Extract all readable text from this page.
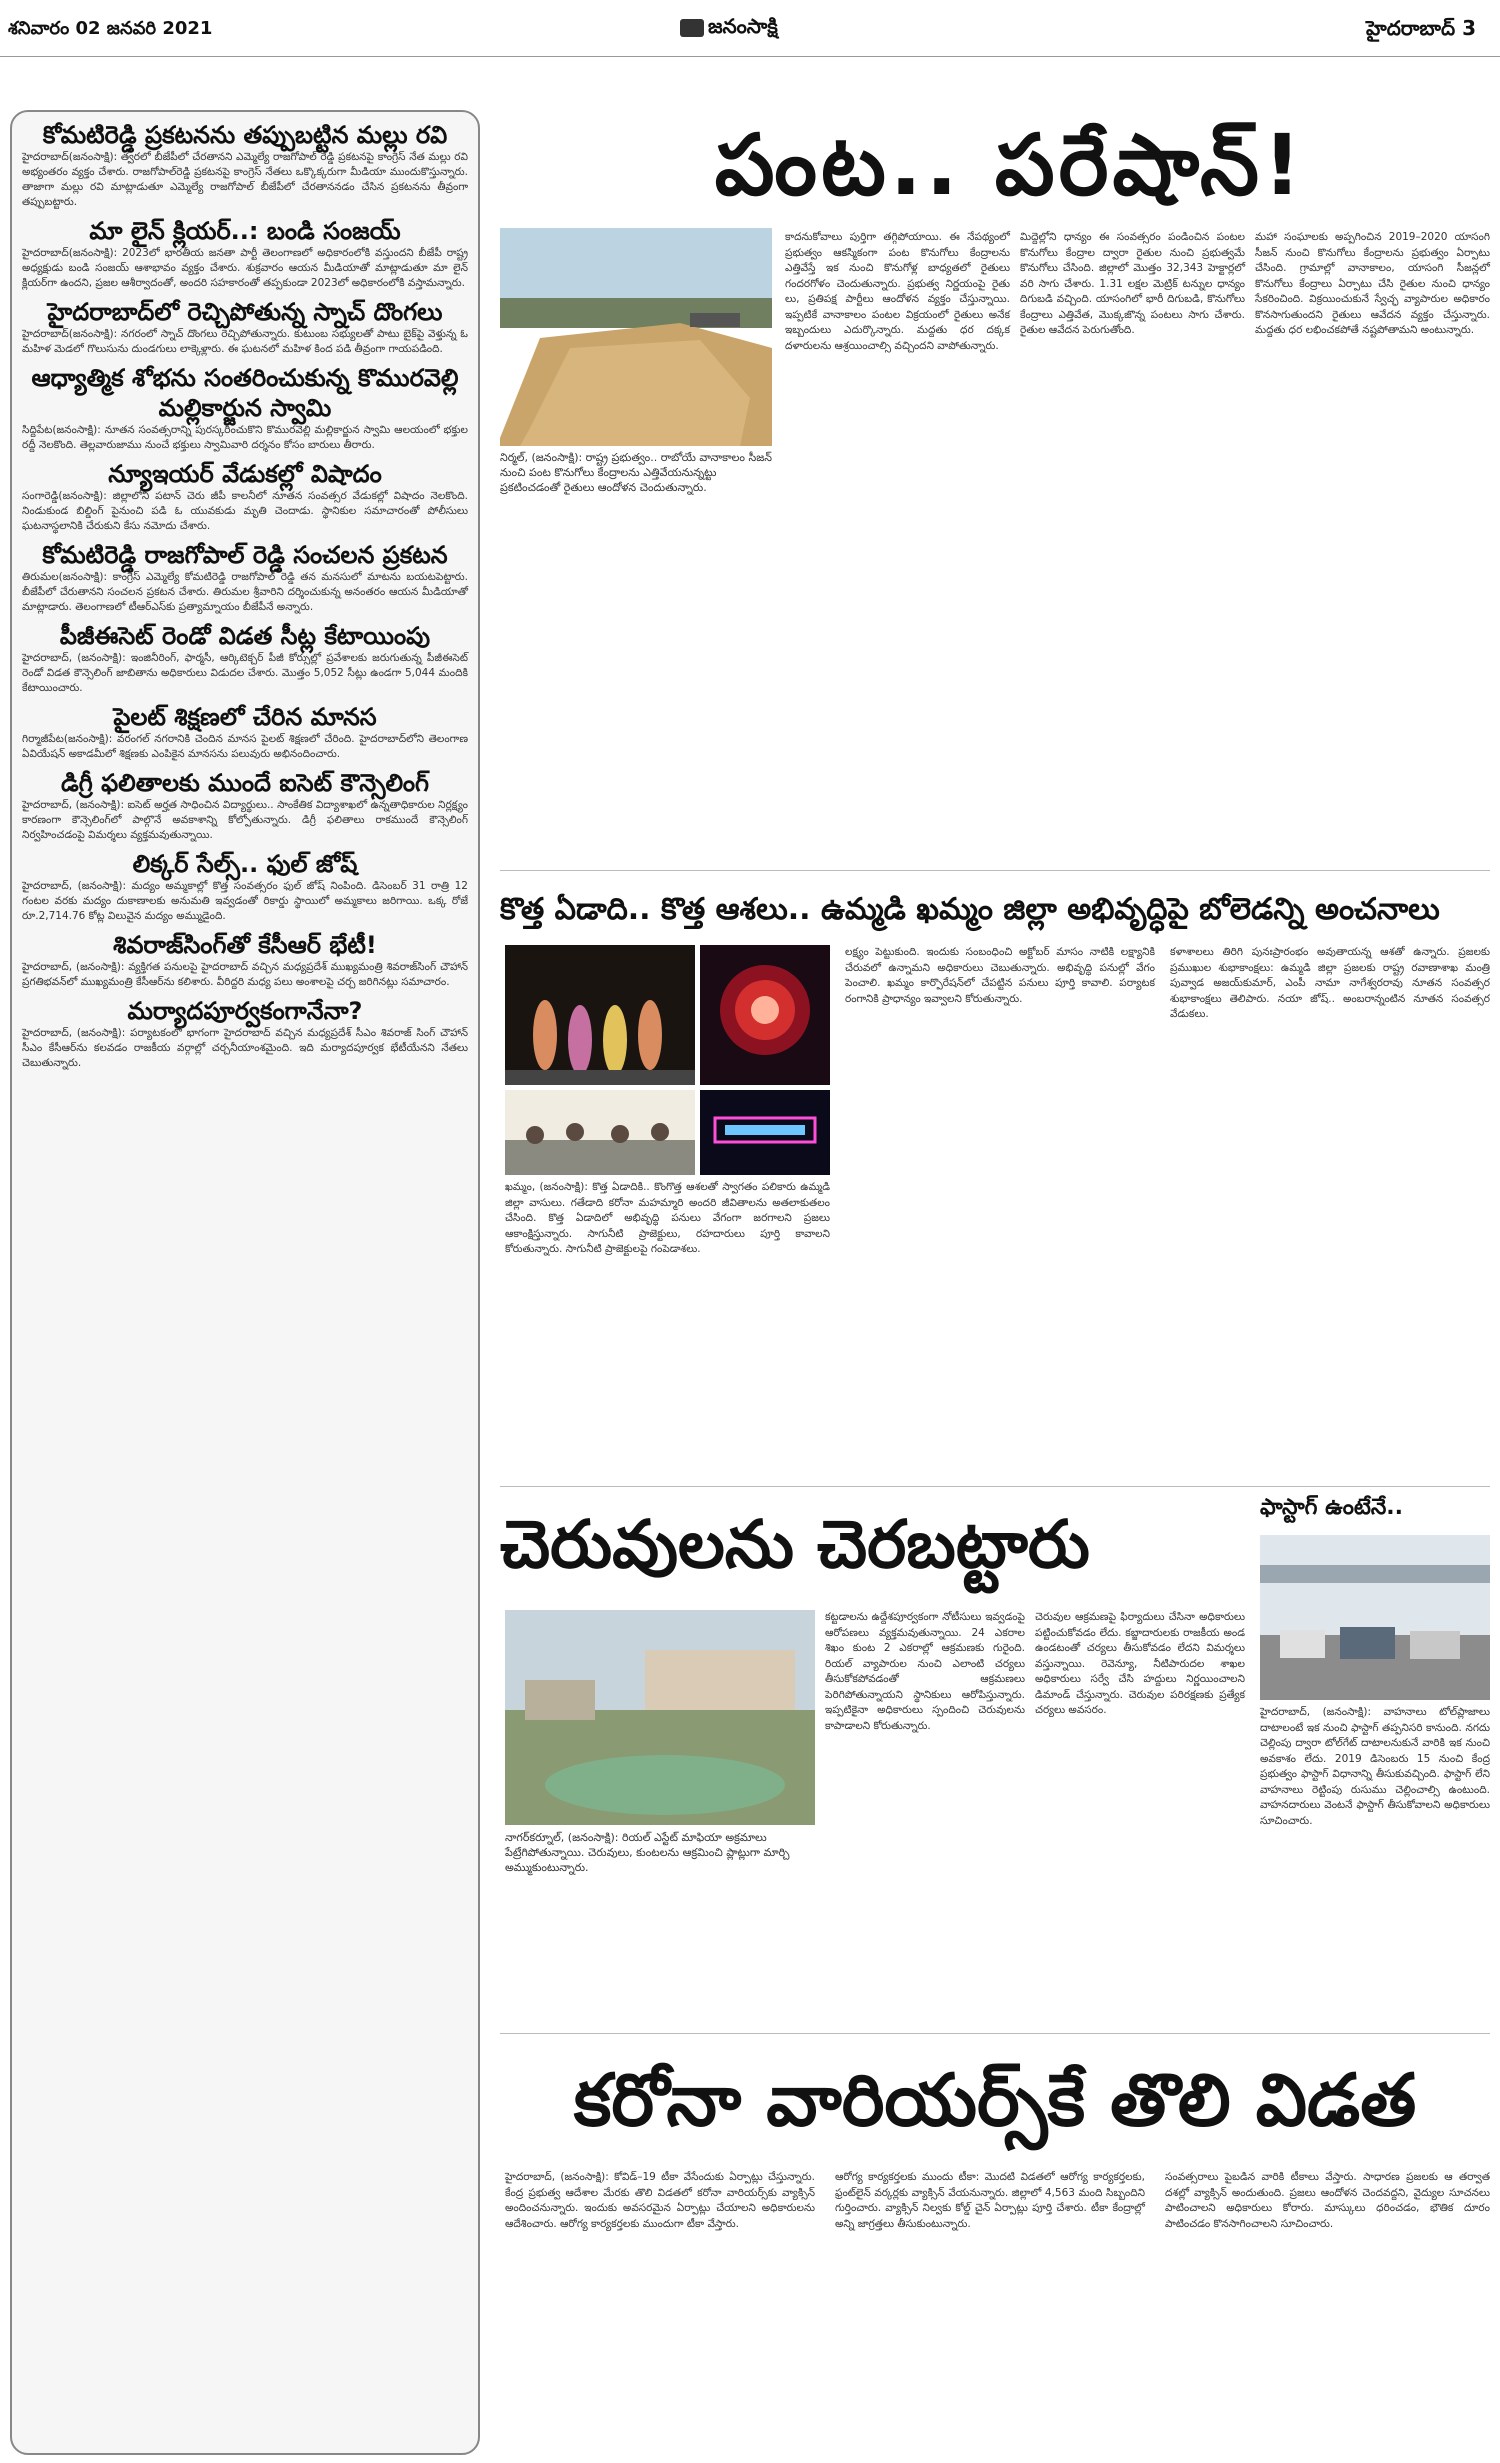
శనివారం 02 జనవరి 2021	జనంసాక్షి	హైదరాబాద్ 3
కోమటిరెడ్డి ప్రకటనను తప్పుబట్టిన మల్లు రవి
హైదరాబాద్(జనంసాక్షి): త్వరలో బీజేపీలో చేరతానని ఎమ్మెల్యే రాజగోపాల్ రెడ్డి ప్రకటనపై కాంగ్రెస్ నేత మల్లు రవి అభ్యంతరం వ్యక్తం చేశారు. రాజగోపాల్‌రెడ్డి ప్రకటనపై కాంగ్రెస్ నేతలు ఒక్కొక్కరుగా మీడియా ముందుకొస్తున్నారు. తాజాగా మల్లు రవి మాట్లాడుతూ ఎమ్మెల్యే రాజగోపాల్ బీజేపీలో చేరతాననడం చేసిన ప్రకటనను తీవ్రంగా తప్పుబట్టారు.
మా లైన్ క్లియర్..: బండి సంజయ్
హైదరాబాద్(జనంసాక్షి): 2023లో భారతీయ జనతా పార్టీ తెలంగాణలో అధికారంలోకి వస్తుందని బీజేపీ రాష్ట్ర అధ్యక్షుడు బండి సంజయ్ ఆశాభావం వ్యక్తం చేశారు. శుక్రవారం ఆయన మీడియాతో మాట్లాడుతూ మా లైన్ క్లియర్‌గా ఉందని, ప్రజల ఆశీర్వాదంతో, అందరి సహకారంతో తప్పకుండా 2023లో అధికారంలోకి వస్తామన్నారు.
హైదరాబాద్‌లో రెచ్చిపోతున్న స్నాచ్ దొంగలు
హైదరాబాద్(జనంసాక్షి): నగరంలో స్నాచ్ దొంగలు రెచ్చిపోతున్నారు. కుటుంబ సభ్యులతో పాటు బైక్‌పై వెళ్తున్న ఓ మహిళ మెడలో గొలుసును దుండగులు లాక్కెళ్లారు. ఈ ఘటనలో మహిళ కింద పడి తీవ్రంగా గాయపడింది.
ఆధ్యాత్మిక శోభను సంతరించుకున్న కొమురవెల్లి మల్లికార్జున స్వామి
సిద్దిపేట(జనంసాక్షి): నూతన సంవత్సరాన్ని పురస్కరించుకొని కొమురవెల్లి మల్లికార్జున స్వామి ఆలయంలో భక్తుల రద్దీ నెలకొంది. తెల్లవారుజాము నుంచే భక్తులు స్వామివారి దర్శనం కోసం బారులు తీరారు.
న్యూఇయర్ వేడుకల్లో విషాదం
సంగారెడ్డి(జనంసాక్షి): జిల్లాలోని పటాన్ చెరు జీపీ కాలనీలో నూతన సంవత్సర వేడుకల్లో విషాదం నెలకొంది. నిండుకుండ బిల్డింగ్ పైనుంచి పడి ఓ యువకుడు మృతి చెందాడు. స్థానికుల సమాచారంతో పోలీసులు ఘటనాస్థలానికి చేరుకుని కేసు నమోదు చేశారు.
కోమటిరెడ్డి రాజగోపాల్ రెడ్డి సంచలన ప్రకటన
తిరుమల(జనంసాక్షి): కాంగ్రెస్ ఎమ్మెల్యే కోమటిరెడ్డి రాజగోపాల్ రెడ్డి తన మనసులో మాటను బయటపెట్టారు. బీజేపీలో చేరుతానని సంచలన ప్రకటన చేశారు. తిరుమల శ్రీవారిని దర్శించుకున్న అనంతరం ఆయన మీడియాతో మాట్లాడారు. తెలంగాణలో టీఆర్ఎస్‌కు ప్రత్యామ్నాయం బీజేపీనే అన్నారు.
పీజీఈసెట్ రెండో విడత సీట్ల కేటాయింపు
హైదరాబాద్, (జనంసాక్షి): ఇంజినీరింగ్, ఫార్మసీ, ఆర్కిటెక్చర్ పీజీ కోర్సుల్లో ప్రవేశాలకు జరుగుతున్న పీజీఈసెట్ రెండో విడత కౌన్సెలింగ్ జాబితాను అధికారులు విడుదల చేశారు. మొత్తం 5,052 సీట్లు ఉండగా 5,044 మందికి కేటాయించారు.
పైలట్ శిక్షణలో చేరిన మానస
గిర్మాజీపేట(జనంసాక్షి): వరంగల్ నగరానికి చెందిన మానస పైలట్ శిక్షణలో చేరింది. హైదరాబాద్‌లోని తెలంగాణ ఏవియేషన్ అకాడమీలో శిక్షణకు ఎంపికైన మానసను పలువురు అభినందించారు.
డిగ్రీ ఫలితాలకు ముందే ఐసెట్ కౌన్సెలింగ్
హైదరాబాద్, (జనంసాక్షి): ఐసెట్ అర్హత సాధించిన విద్యార్థులు.. సాంకేతిక విద్యాశాఖలో ఉన్నతాధికారుల నిర్లక్ష్యం కారణంగా కౌన్సెలింగ్‌లో పాల్గొనే అవకాశాన్ని కోల్పోతున్నారు. డిగ్రీ ఫలితాలు రాకముందే కౌన్సెలింగ్ నిర్వహించడంపై విమర్శలు వ్యక్తమవుతున్నాయి.
లిక్కర్ సేల్స్.. ఫుల్ జోష్
హైదరాబాద్, (జనంసాక్షి): మద్యం అమ్మకాల్లో కొత్త సంవత్సరం ఫుల్ జోష్ నింపింది. డిసెంబర్ 31 రాత్రి 12 గంటల వరకు మద్యం దుకాణాలకు అనుమతి ఇవ్వడంతో రికార్డు స్థాయిలో అమ్మకాలు జరిగాయి. ఒక్క రోజే రూ.2,714.76 కోట్ల విలువైన మద్యం అమ్ముడైంది.
శివరాజ్‌సింగ్‌తో కేసీఆర్ భేటీ!
హైదరాబాద్, (జనంసాక్షి): వ్యక్తిగత పనులపై హైదరాబాద్ వచ్చిన మధ్యప్రదేశ్ ముఖ్యమంత్రి శివరాజ్‌సింగ్ చౌహాన్ ప్రగతిభవన్‌లో ముఖ్యమంత్రి కేసీఆర్‌ను కలిశారు. వీరిద్దరి మధ్య పలు అంశాలపై చర్చ జరిగినట్లు సమాచారం.
మర్యాదపూర్వకంగానేనా?
హైదరాబాద్, (జనంసాక్షి): పర్యాటకంలో భాగంగా హైదరాబాద్ వచ్చిన మధ్యప్రదేశ్ సీఎం శివరాజ్ సింగ్ చౌహాన్ సీఎం కేసీఆర్‌ను కలవడం రాజకీయ వర్గాల్లో చర్చనీయాంశమైంది. ఇది మర్యాదపూర్వక భేటీయేనని నేతలు చెబుతున్నారు.
పంట.. పరేషాన్!
నిర్మల్, (జనంసాక్షి): రాష్ట్ర ప్రభుత్వం.. రాబోయే వానాకాలం సీజన్ నుంచి పంట కొనుగోలు కేంద్రాలను ఎత్తివేయనున్నట్టు ప్రకటించడంతో రైతులు ఆందోళన చెందుతున్నారు.
కాదనుకోవాలు పుర్తిగా తగ్గిపోయాయి. ఈ నేపథ్యంలో ప్రభుత్వం ఆకస్మికంగా పంట కొనుగోలు కేంద్రాలను ఎత్తివేస్తే ఇక నుంచి కొనుగోళ్ల బాధ్యతలో రైతులు గందరగోళం చెందుతున్నారు. ప్రభుత్వ నిర్ణయంపై రైతు లు, ప్రతిపక్ష పార్టీలు ఆందోళన వ్యక్తం చేస్తున్నాయి. ఇప్పటికే వానాకాలం పంటల విక్రయంలో రైతులు అనేక ఇబ్బందులు ఎదుర్కొన్నారు. మద్దతు ధర దక్కక దళారులను ఆశ్రయించాల్సి వచ్చిందని వాపోతున్నారు.
మిద్దెల్లోని ధాన్యం ఈ సంవత్సరం పండించిన పంటల కొనుగోలు కేంద్రాల ద్వారా రైతుల నుంచి ప్రభుత్వమే కొనుగోలు చేసింది. జిల్లాలో మొత్తం 32,343 హెక్టార్లలో వరి సాగు చేశారు. 1.31 లక్షల మెట్రిక్ టన్నుల ధాన్యం దిగుబడి వచ్చింది. యాసంగిలో భారీ దిగుబడి, కొనుగోలు కేంద్రాలు ఎత్తివేత, మొక్కజొన్న పంటలు సాగు చేశారు. రైతుల ఆవేదన పెరుగుతోంది.
మహా సంఘాలకు అప్పగించిన 2019–2020 యాసంగి సీజన్ నుంచి కొనుగోలు కేంద్రాలను ప్రభుత్వం ఏర్పాటు చేసింది. గ్రామాల్లో వానాకాలం, యాసంగి సీజన్లలో కొనుగోలు కేంద్రాలు ఏర్పాటు చేసి రైతుల నుంచి ధాన్యం సేకరించింది. విక్రయించుకునే స్వేచ్ఛ వ్యాపారుల అధికారం కొనసాగుతుందని రైతులు ఆవేదన వ్యక్తం చేస్తున్నారు. మద్దతు ధర లభించకపోతే నష్టపోతామని అంటున్నారు.
కొత్త ఏడాది.. కొత్త ఆశలు.. ఉమ్మడి ఖమ్మం జిల్లా అభివృద్ధిపై బోలెడన్ని అంచనాలు
ఖమ్మం, (జనంసాక్షి): కొత్త ఏడాదికి.. కొంగొత్త ఆశలతో స్వాగతం పలికారు ఉమ్మడి జిల్లా వాసులు. గతేడాది కరోనా మహమ్మారి అందరి జీవితాలను అతలాకుతలం చేసింది. కొత్త ఏడాదిలో అభివృద్ధి పనులు వేగంగా జరగాలని ప్రజలు ఆకాంక్షిస్తున్నారు. సాగునీటి ప్రాజెక్టులు, రహదారులు పూర్తి కావాలని కోరుతున్నారు. సాగునీటి ప్రాజెక్టులపై గంపెడాశలు.
లక్ష్యం పెట్టుకుంది. ఇందుకు సంబంధించి అక్టోబర్ మాసం నాటికి లక్ష్యానికి చేరువలో ఉన్నామని అధికారులు చెబుతున్నారు. అభివృద్ధి పనుల్లో వేగం పెంచాలి. ఖమ్మం కార్పొరేషన్‌లో చేపట్టిన పనులు పూర్తి కావాలి. పర్యాటక రంగానికి ప్రాధాన్యం ఇవ్వాలని కోరుతున్నారు.
కళాశాలలు తిరిగి పునఃప్రారంభం అవుతాయన్న ఆశతో ఉన్నారు. ప్రజలకు ప్రముఖుల శుభాకాంక్షలు: ఉమ్మడి జిల్లా ప్రజలకు రాష్ట్ర రవాణాశాఖ మంత్రి పువ్వాడ అజయ్‌కుమార్, ఎంపీ నామా నాగేశ్వరరావు నూతన సంవత్సర శుభాకాంక్షలు తెలిపారు. నయా జోష్.. అంబరాన్నంటిన నూతన సంవత్సర వేడుకలు.
చెరువులను చెరబట్టారు
నాగర్‌కర్నూల్, (జనంసాక్షి): రియల్ ఎస్టేట్ మాఫియా అక్రమాలు పేట్రేగిపోతున్నాయి. చెరువులు, కుంటలను ఆక్రమించి ప్లాట్లుగా మార్చి అమ్ముకుంటున్నారు.
కట్టడాలను ఉద్దేశపూర్వకంగా నోటీసులు ఇవ్వడంపై ఆరోపణలు వ్యక్తమవుతున్నాయి. 24 ఎకరాల శిఖం కుంట 2 ఎకరాల్లో ఆక్రమణకు గురైంది. రియల్ వ్యాపారుల నుంచి ఎలాంటి చర్యలు తీసుకోకపోవడంతో ఆక్రమణలు పెరిగిపోతున్నాయని స్థానికులు ఆరోపిస్తున్నారు. ఇప్పటికైనా అధికారులు స్పందించి చెరువులను కాపాడాలని కోరుతున్నారు.
చెరువుల ఆక్రమణపై ఫిర్యాదులు చేసినా అధికారులు పట్టించుకోవడం లేదు. కబ్జాదారులకు రాజకీయ అండ ఉండటంతో చర్యలు తీసుకోవడం లేదని విమర్శలు వస్తున్నాయి. రెవెన్యూ, నీటిపారుదల శాఖల అధికారులు సర్వే చేసి హద్దులు నిర్ణయించాలని డిమాండ్ చేస్తున్నారు. చెరువుల పరిరక్షణకు ప్రత్యేక చర్యలు అవసరం.
ఫాస్టాగ్ ఉంటేనే..
హైదరాబాద్, (జనంసాక్షి): వాహనాలు టోల్‌ప్లాజాలు దాటాలంటే ఇక నుంచి ఫాస్టాగ్ తప్పనిసరి కానుంది. నగదు చెల్లింపు ద్వారా టోల్‌గేట్ దాటాలనుకునే వారికి ఇక నుంచి అవకాశం లేదు. 2019 డిసెంబరు 15 నుంచి కేంద్ర ప్రభుత్వం ఫాస్టాగ్ విధానాన్ని తీసుకువచ్చింది. ఫాస్టాగ్ లేని వాహనాలు రెట్టింపు రుసుము చెల్లించాల్సి ఉంటుంది. వాహనదారులు వెంటనే ఫాస్టాగ్ తీసుకోవాలని అధికారులు సూచించారు.
కరోనా వారియర్స్‌కే తొలి విడత
హైదరాబాద్, (జనంసాక్షి): కోవిడ్–19 టీకా వేసేందుకు ఏర్పాట్లు చేస్తున్నారు. కేంద్ర ప్రభుత్వ ఆదేశాల మేరకు తొలి విడతలో కరోనా వారియర్స్‌కు వ్యాక్సిన్ అందించనున్నారు. ఇందుకు అవసరమైన ఏర్పాట్లు చేయాలని అధికారులను ఆదేశించారు. ఆరోగ్య కార్యకర్తలకు ముందుగా టీకా వేస్తారు.
ఆరోగ్య కార్యకర్తలకు ముందు టీకా: మొదటి విడతలో ఆరోగ్య కార్యకర్తలకు, ఫ్రంట్‌లైన్ వర్కర్లకు వ్యాక్సిన్ వేయనున్నారు. జిల్లాలో 4,563 మంది సిబ్బందిని గుర్తించారు. వ్యాక్సిన్ నిల్వకు కోల్డ్ చైన్ ఏర్పాట్లు పూర్తి చేశారు. టీకా కేంద్రాల్లో అన్ని జాగ్రత్తలు తీసుకుంటున్నారు.
సంవత్సరాలు పైబడిన వారికి టీకాలు వేస్తారు. సాధారణ ప్రజలకు ఆ తర్వాత దశల్లో వ్యాక్సిన్ అందుతుంది. ప్రజలు ఆందోళన చెందవద్దని, వైద్యుల సూచనలు పాటించాలని అధికారులు కోరారు. మాస్కులు ధరించడం, భౌతిక దూరం పాటించడం కొనసాగించాలని సూచించారు.
